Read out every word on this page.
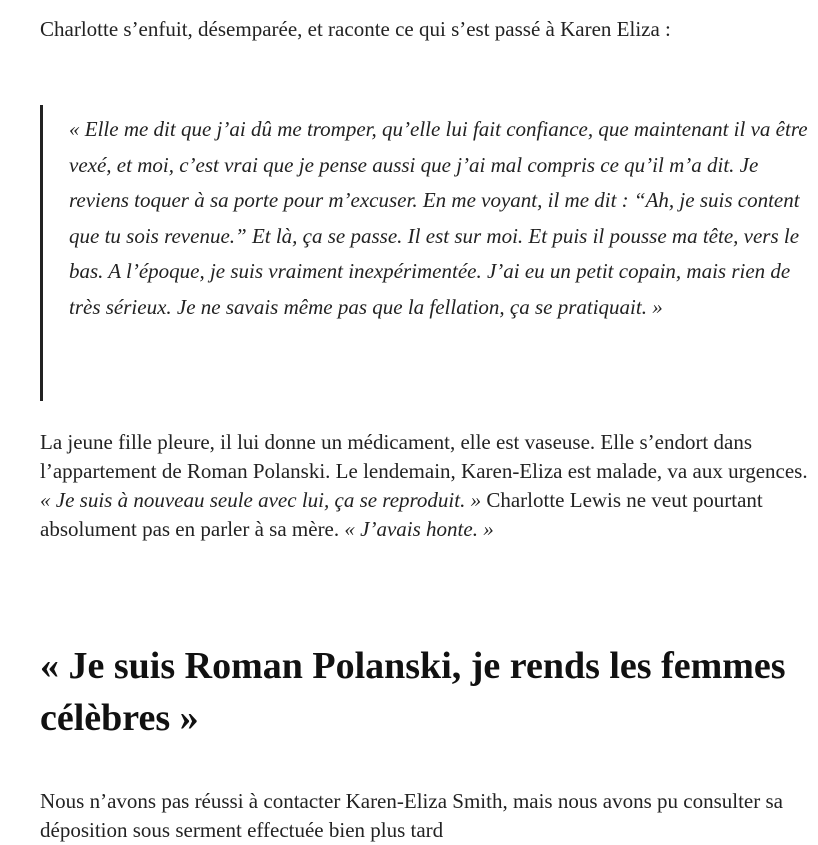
Charlotte s’enfuit, désemparée, et raconte ce qui s’est passé à Karen Eliza :

« Elle me dit que j’ai dû me tromper, qu’elle lui fait confiance, que maintenant il va être vexé, et moi, c’est vrai que je pense aussi que j’ai mal compris ce qu’il m’a dit. Je reviens toquer à sa porte pour m’excuser. En me voyant, il me dit : “Ah, je suis content que tu sois revenue.” Et là, ça se passe. Il est sur moi. Et puis il pousse ma tête, vers le bas. A l’époque, je suis vraiment inexpérimentée. J’ai eu un petit copain, mais rien de très sérieux. Je ne savais même pas que la fellation, ça se pratiquait. »

La jeune fille pleure, il lui donne un médicament, elle est vaseuse. Elle s’endort dans l’appartement de Roman Polanski. Le lendemain, Karen-Eliza est malade, va aux urgences. « Je suis à nouveau seule avec lui, ça se reproduit. » Charlotte Lewis ne veut pourtant absolument pas en parler à sa mère. « J’avais honte. »

« Je suis Roman Polanski, je rends les femmes célèbres »

Nous n’avons pas réussi à contacter Karen-Eliza Smith, mais nous avons pu consulter sa déposition sous serment effectuée bien plus tard
